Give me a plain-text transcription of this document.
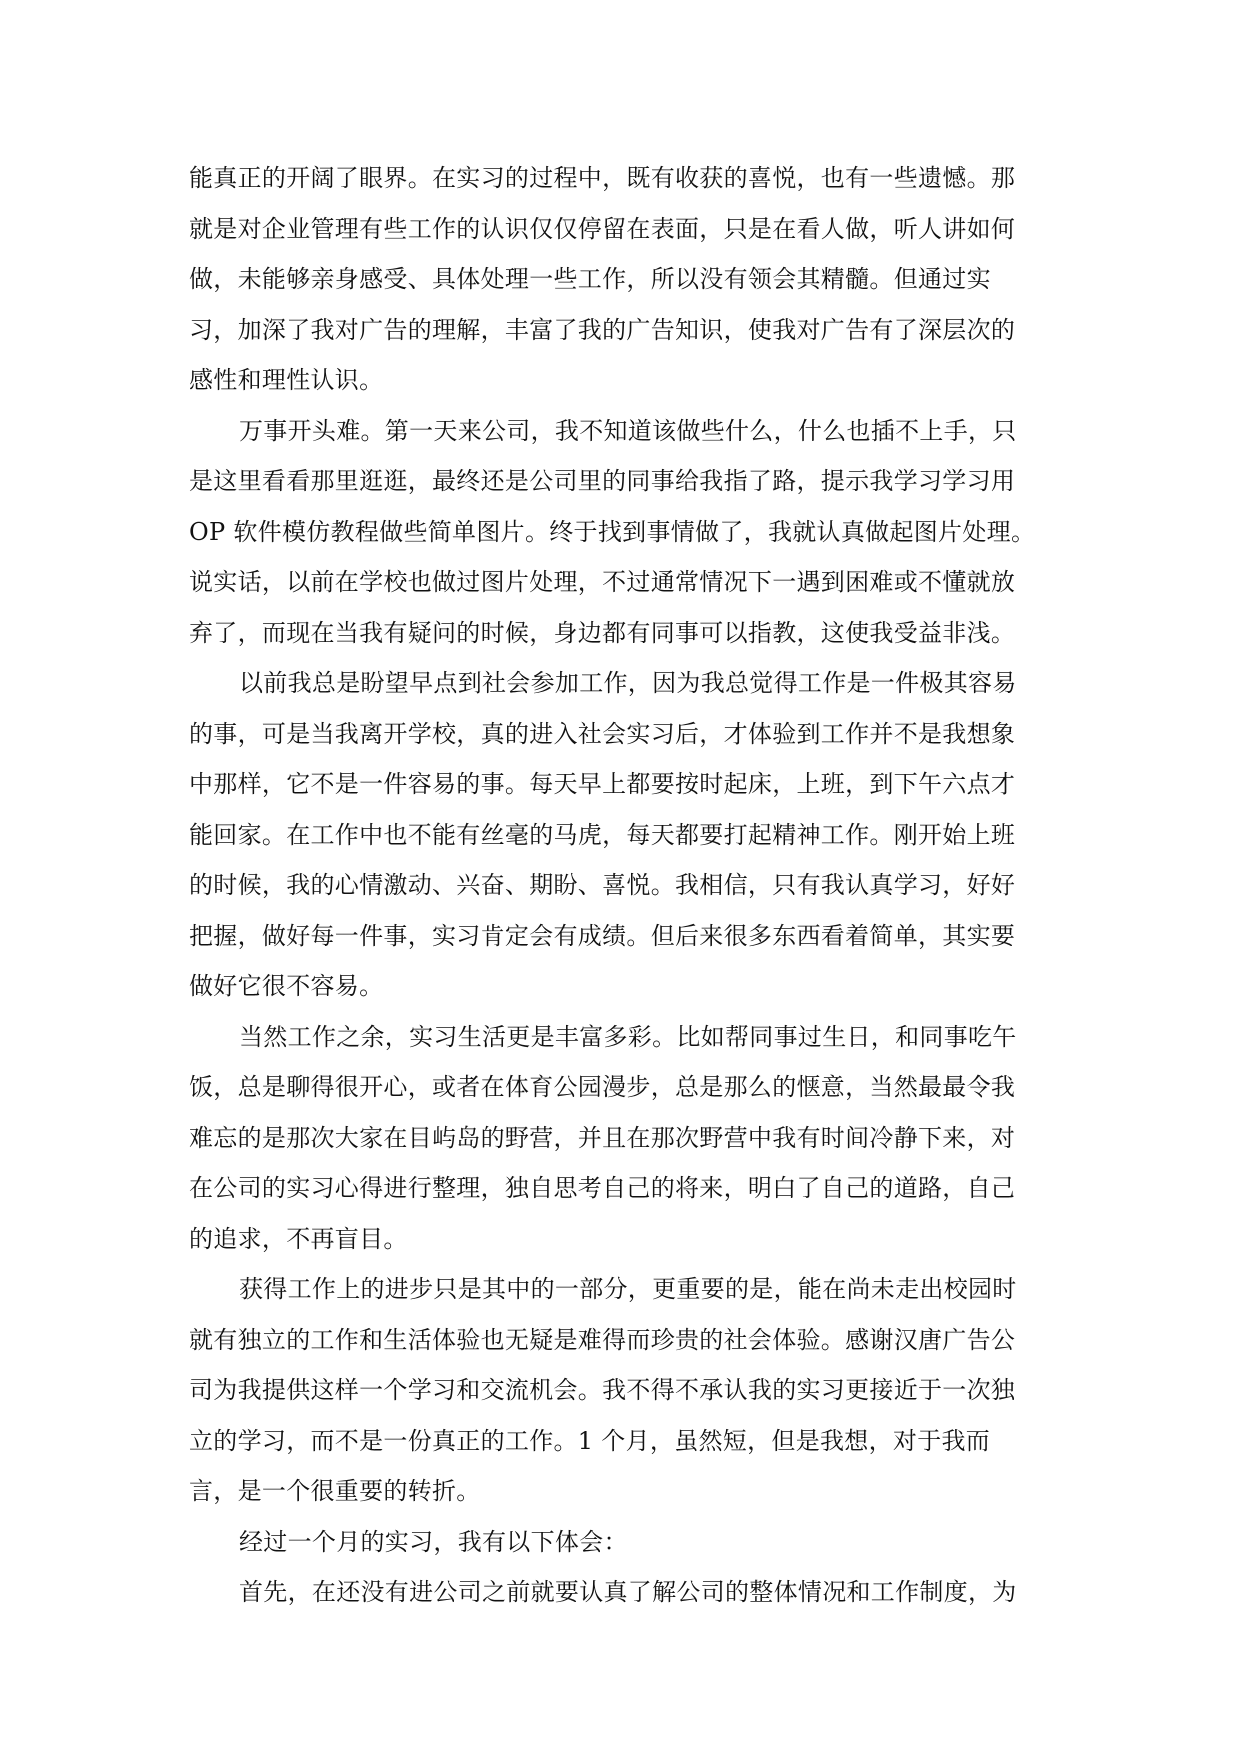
能真正的开阔了眼界。在实习的过程中，既有收获的喜悦，也有一些遗憾。那
就是对企业管理有些工作的认识仅仅停留在表面，只是在看人做，听人讲如何
做，未能够亲身感受、具体处理一些工作，所以没有领会其精髓。但通过实
习，加深了我对广告的理解，丰富了我的广告知识，使我对广告有了深层次的
感性和理性认识。
万事开头难。第一天来公司，我不知道该做些什么，什么也插不上手，只
是这里看看那里逛逛，最终还是公司里的同事给我指了路，提示我学习学习用
OP 软件模仿教程做些简单图片。终于找到事情做了，我就认真做起图片处理。
说实话，以前在学校也做过图片处理，不过通常情况下一遇到困难或不懂就放
弃了，而现在当我有疑问的时候，身边都有同事可以指教，这使我受益非浅。
以前我总是盼望早点到社会参加工作，因为我总觉得工作是一件极其容易
的事，可是当我离开学校，真的进入社会实习后，才体验到工作并不是我想象
中那样，它不是一件容易的事。每天早上都要按时起床，上班，到下午六点才
能回家。在工作中也不能有丝毫的马虎，每天都要打起精神工作。刚开始上班
的时候，我的心情激动、兴奋、期盼、喜悦。我相信，只有我认真学习，好好
把握，做好每一件事，实习肯定会有成绩。但后来很多东西看着简单，其实要
做好它很不容易。
当然工作之余，实习生活更是丰富多彩。比如帮同事过生日，和同事吃午
饭，总是聊得很开心，或者在体育公园漫步，总是那么的惬意，当然最最令我
难忘的是那次大家在目屿岛的野营，并且在那次野营中我有时间冷静下来，对
在公司的实习心得进行整理，独自思考自己的将来，明白了自己的道路，自己
的追求，不再盲目。
获得工作上的进步只是其中的一部分，更重要的是，能在尚未走出校园时
就有独立的工作和生活体验也无疑是难得而珍贵的社会体验。感谢汉唐广告公
司为我提供这样一个学习和交流机会。我不得不承认我的实习更接近于一次独
立的学习，而不是一份真正的工作。1 个月，虽然短，但是我想，对于我而
言，是一个很重要的转折。
经过一个月的实习，我有以下体会：
首先，在还没有进公司之前就要认真了解公司的整体情况和工作制度，为
